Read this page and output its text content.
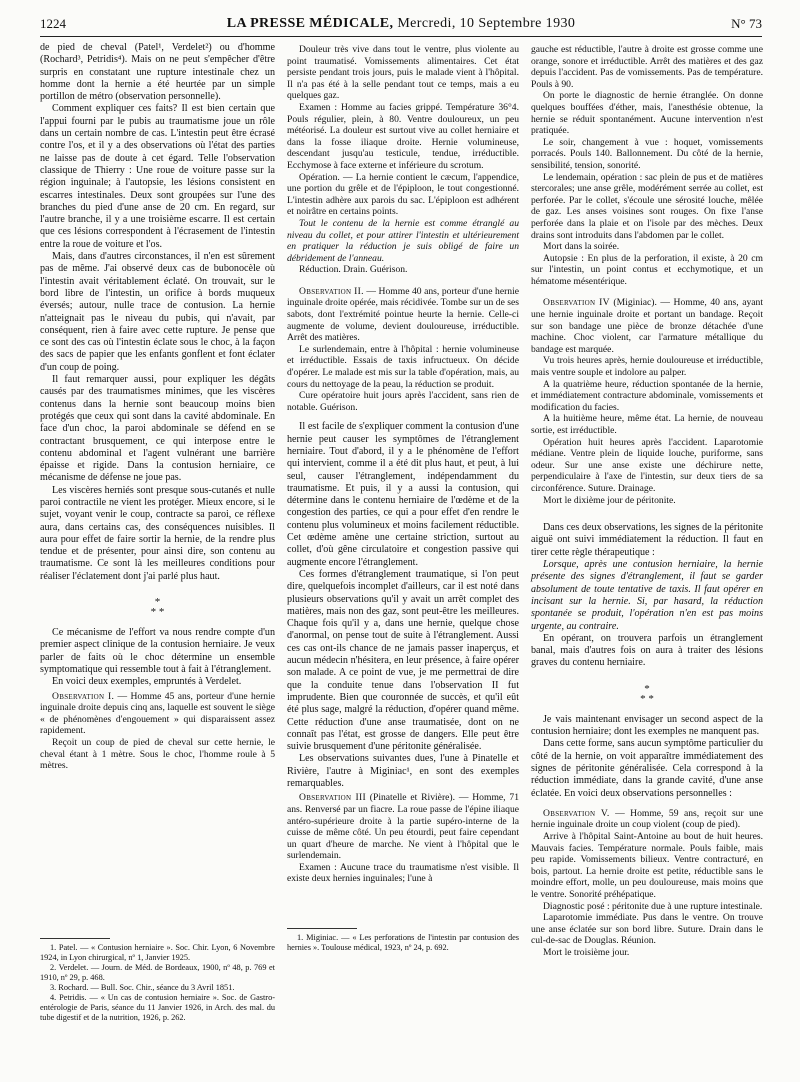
1224	LA PRESSE MÉDICALE, Mercredi, 10 Septembre 1930	N° 73

de pied de cheval (Patel¹, Verdelet²) ou d'homme (Rochard³, Petridis⁴). Mais on ne peut s'empêcher d'être surpris en constatant une rupture intestinale chez un homme dont la hernie a été heurtée par un simple portillon de métro (observation personnelle).

Comment expliquer ces faits? Il est bien certain que l'appui fourni par le pubis au traumatisme joue un rôle dans un certain nombre de cas. L'intestin peut être écrasé contre l'os, et il y a des observations où l'état des parties ne laisse pas de doute à cet égard. Telle l'observation classique de Thierry : Une roue de voiture passe sur la région inguinale; à l'autopsie, les lésions consistent en escarres intestinales. Deux sont groupées sur l'une des branches du pied d'une anse de 20 cm. En regard, sur l'autre branche, il y a une troisième escarre. Il est certain que ces lésions correspondent à l'écrasement de l'intestin entre la roue de voiture et l'os.

Mais, dans d'autres circonstances, il n'en est sûrement pas de même. J'ai observé deux cas de bubonocèle où l'intestin avait véritablement éclaté. On trouvait, sur le bord libre de l'intestin, un orifice à bords muqueux éversés; autour, nulle trace de contusion. La hernie n'atteignait pas le niveau du pubis, qui n'avait, par conséquent, rien à faire avec cette rupture. Je pense que ce sont des cas où l'intestin éclate sous le choc, à la façon des sacs de papier que les enfants gonflent et font éclater d'un coup de poing.

Il faut remarquer aussi, pour expliquer les dégâts causés par des traumatismes minimes, que les viscères contenus dans la hernie sont beaucoup moins bien protégés que ceux qui sont dans la cavité abdominale. En face d'un choc, la paroi abdominale se défend en se contractant brusquement, ce qui interpose entre le contenu abdominal et l'agent vulnérant une barrière épaisse et rigide. Dans la contusion herniaire, ce mécanisme de défense ne joue pas.

Les viscères herniés sont presque sous-cutanés et nulle paroi contractile ne vient les protéger. Mieux encore, si le sujet, voyant venir le coup, contracte sa paroi, ce réflexe aura, dans certains cas, des conséquences nuisibles. Il aura pour effet de faire sortir la hernie, de la rendre plus tendue et de présenter, pour ainsi dire, son contenu au traumatisme. Ce sont là les meilleures conditions pour réaliser l'éclatement dont j'ai parlé plus haut.

*
* *

Ce mécanisme de l'effort va nous rendre compte d'un premier aspect clinique de la contusion herniaire. Je veux parler de faits où le choc détermine un ensemble symptomatique qui ressemble tout à fait à l'étranglement.

En voici deux exemples, empruntés à Verdelet.

Observation I. — Homme 45 ans, porteur d'une hernie inguinale droite depuis cinq ans, laquelle est souvent le siège « de phénomènes d'engouement » qui disparaissent assez rapidement.

Reçoit un coup de pied de cheval sur cette hernie, le cheval étant à 1 mètre. Sous le choc, l'homme roule à 5 mètres.

1. Patel. — « Contusion herniaire ». Soc. Chir. Lyon, 6 Novembre 1924, in Lyon chirurgical, nº 1, Janvier 1925.

2. Verdelet. — Journ. de Méd. de Bordeaux, 1900, nº 48, p. 769 et 1910, nº 29, p. 468.

3. Rochard. — Bull. Soc. Chir., séance du 3 Avril 1851.

4. Petridis. — « Un cas de contusion herniaire ». Soc. de Gastro-entérologie de Paris, séance du 11 Janvier 1926, in Arch. des mal. du tube digestif et de la nutrition, 1926, p. 262.

Douleur très vive dans tout le ventre, plus violente au point traumatisé. Vomissements alimentaires. Cet état persiste pendant trois jours, puis le malade vient à l'hôpital. Il n'a pas été à la selle pendant tout ce temps, mais a eu quelques gaz.

Examen : Homme au facies grippé. Température 36°4. Pouls régulier, plein, à 80. Ventre douloureux, un peu météorisé. La douleur est surtout vive au collet herniaire et dans la fosse iliaque droite. Hernie volumineuse, descendant jusqu'au testicule, tendue, irréductible. Ecchymose à face externe et inférieure du scrotum.

Opération. — La hernie contient le cæcum, l'appendice, une portion du grêle et de l'épiploon, le tout congestionné. L'intestin adhère aux parois du sac. L'épiploon est adhérent et noirâtre en certains points.

Tout le contenu de la hernie est comme étranglé au niveau du collet, et pour attirer l'intestin et ultérieurement en pratiquer la réduction je suis obligé de faire un débridement de l'anneau.

Réduction. Drain. Guérison.

Observation II. — Homme 40 ans, porteur d'une hernie inguinale droite opérée, mais récidivée. Tombe sur un de ses sabots, dont l'extrémité pointue heurte la hernie. Celle-ci augmente de volume, devient douloureuse, irréductible. Arrêt des matières.

Le surlendemain, entre à l'hôpital : hernie volumineuse et irréductible. Essais de taxis infructueux. On décide d'opérer. Le malade est mis sur la table d'opération, mais, au cours du nettoyage de la peau, la réduction se produit.

Cure opératoire huit jours après l'accident, sans rien de notable. Guérison.

Il est facile de s'expliquer comment la contusion d'une hernie peut causer les symptômes de l'étranglement herniaire. Tout d'abord, il y a le phénomène de l'effort qui intervient, comme il a été dit plus haut, et peut, à lui seul, causer l'étranglement, indépendamment du traumatisme. Et puis, il y a aussi la contusion, qui détermine dans le contenu herniaire de l'œdème et de la congestion des parties, ce qui a pour effet d'en rendre le contenu plus volumineux et moins facilement réductible. Cet œdème amène une certaine striction, surtout au collet, d'où gêne circulatoire et congestion passive qui augmente encore l'étranglement.

Ces formes d'étranglement traumatique, si l'on peut dire, quelquefois incomplet d'ailleurs, car il est noté dans plusieurs observations qu'il y avait un arrêt complet des matières, mais non des gaz, sont peut-être les meilleures. Chaque fois qu'il y a, dans une hernie, quelque chose d'anormal, on pense tout de suite à l'étranglement. Aussi ces cas ont-ils chance de ne jamais passer inaperçus, et aucun médecin n'hésitera, en leur présence, à faire opérer son malade. A ce point de vue, je me permettrai de dire que la conduite tenue dans l'observation II fut imprudente. Bien que couronnée de succès, et qu'il eût été plus sage, malgré la réduction, d'opérer quand même. Cette réduction d'une anse traumatisée, dont on ne connaît pas l'état, est grosse de dangers. Elle peut être suivie brusquement d'une péritonite généralisée.

Les observations suivantes dues, l'une à Pinatelle et Rivière, l'autre à Miginiac¹, en sont des exemples remarquables.

Observation III (Pinatelle et Rivière). — Homme, 71 ans. Renversé par un fiacre. La roue passe de l'épine iliaque antéro-supérieure droite à la partie supéro-interne de la cuisse de même côté. Un peu étourdi, peut faire cependant un quart d'heure de marche. Ne vient à l'hôpital que le surlendemain.

Examen : Aucune trace du traumatisme n'est visible. Il existe deux hernies inguinales; l'une à

1. Miginiac. — « Les perforations de l'intestin par contusion des hernies ». Toulouse médical, 1923, nº 24, p. 692.

gauche est réductible, l'autre à droite est grosse comme une orange, sonore et irréductible. Arrêt des matières et des gaz depuis l'accident. Pas de vomissements. Pas de température. Pouls à 90.

On porte le diagnostic de hernie étranglée. On donne quelques bouffées d'éther, mais, l'anesthésie obtenue, la hernie se réduit spontanément. Aucune intervention n'est pratiquée.

Le soir, changement à vue : hoquet, vomissements porracés. Pouls 140. Ballonnement. Du côté de la hernie, sensibilité, tension, sonorité.

Le lendemain, opération : sac plein de pus et de matières stercorales; une anse grêle, modérément serrée au collet, est perforée. Par le collet, s'écoule une sérosité louche, mêlée de gaz. Les anses voisines sont rouges. On fixe l'anse perforée dans la plaie et on l'isole par des mèches. Deux drains sont introduits dans l'abdomen par le collet.

Mort dans la soirée.

Autopsie : En plus de la perforation, il existe, à 20 cm sur l'intestin, un point contus et ecchymotique, et un hématome mésentérique.

Observation IV (Miginiac). — Homme, 40 ans, ayant une hernie inguinale droite et portant un bandage. Reçoit sur son bandage une pièce de bronze détachée d'une machine. Choc violent, car l'armature métallique du bandage est marquée.

Vu trois heures après, hernie douloureuse et irréductible, mais ventre souple et indolore au palper.

A la quatrième heure, réduction spontanée de la hernie, et immédiatement contracture abdominale, vomissements et modification du facies.

A la huitième heure, même état. La hernie, de nouveau sortie, est irréductible.

Opération huit heures après l'accident. Laparotomie médiane. Ventre plein de liquide louche, puriforme, sans odeur. Sur une anse existe une déchirure nette, perpendiculaire à l'axe de l'intestin, sur deux tiers de sa circonférence. Suture. Drainage.

Mort le dixième jour de péritonite.

Dans ces deux observations, les signes de la péritonite aiguë ont suivi immédiatement la réduction. Il faut en tirer cette règle thérapeutique :

Lorsque, après une contusion herniaire, la hernie présente des signes d'étranglement, il faut se garder absolument de toute tentative de taxis. Il faut opérer en incisant sur la hernie. Si, par hasard, la réduction spontanée se produit, l'opération n'en est pas moins urgente, au contraire.

En opérant, on trouvera parfois un étranglement banal, mais d'autres fois on aura à traiter des lésions graves du contenu herniaire.

*
* *

Je vais maintenant envisager un second aspect de la contusion herniaire; dont les exemples ne manquent pas.

Dans cette forme, sans aucun symptôme particulier du côté de la hernie, on voit apparaître immédiatement des signes de péritonite généralisée. Cela correspond à la réduction immédiate, dans la grande cavité, d'une anse éclatée. En voici deux observations personnelles :

Observation V. — Homme, 59 ans, reçoit sur une hernie inguinale droite un coup violent (coup de pied).

Arrive à l'hôpital Saint-Antoine au bout de huit heures. Mauvais facies. Température normale. Pouls faible, mais peu rapide. Vomissements bilieux. Ventre contracturé, en bois, partout. La hernie droite est petite, réductible sans le moindre effort, molle, un peu douloureuse, mais moins que le ventre. Sonorité préhépatique.

Diagnostic posé : péritonite due à une rupture intestinale.

Laparotomie immédiate. Pus dans le ventre. On trouve une anse éclatée sur son bord libre. Suture. Drain dans le cul-de-sac de Douglas. Réunion.

Mort le troisième jour.
